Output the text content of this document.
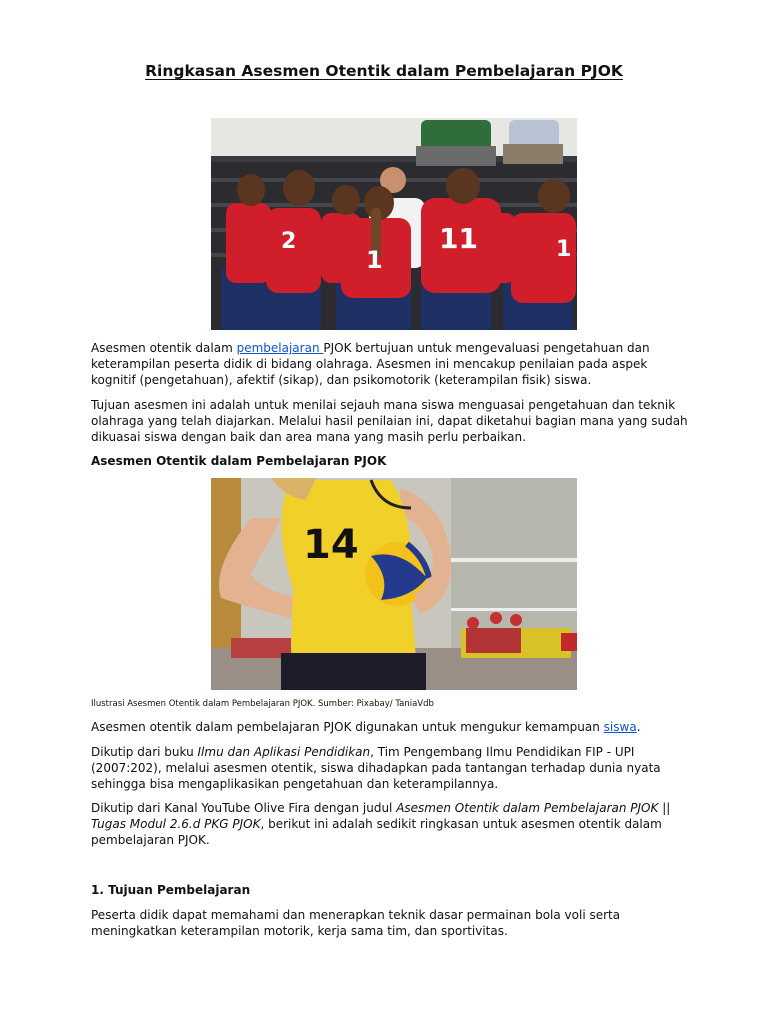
Ringkasan Asesmen Otentik dalam Pembelajaran PJOK
2
1
11	1

Asesmen otentik dalam pembelajaran PJOK bertujuan untuk mengevaluasi pengetahuan dan keterampilan peserta didik di bidang olahraga. Asesmen ini mencakup penilaian pada aspek kognitif (pengetahuan), afektif (sikap), dan psikomotorik (keterampilan fisik) siswa.

Tujuan asesmen ini adalah untuk menilai sejauh mana siswa menguasai pengetahuan dan teknik olahraga yang telah diajarkan. Melalui hasil penilaian ini, dapat diketahui bagian mana yang sudah dikuasai siswa dengan baik dan area mana yang masih perlu perbaikan.

Asesmen Otentik dalam Pembelajaran PJOK

14
Ilustrasi Asesmen Otentik dalam Pembelajaran PJOK. Sumber: Pixabay/ TaniaVdb

Asesmen otentik dalam pembelajaran PJOK digunakan untuk mengukur kemampuan siswa.

Dikutip dari buku Ilmu dan Aplikasi Pendidikan, Tim Pengembang Ilmu Pendidikan FIP - UPI (2007:202), melalui asesmen otentik, siswa dihadapkan pada tantangan terhadap dunia nyata sehingga bisa mengaplikasikan pengetahuan dan keterampilannya.

Dikutip dari Kanal YouTube Olive Fira dengan judul Asesmen Otentik dalam Pembelajaran PJOK || Tugas Modul 2.6.d PKG PJOK, berikut ini adalah sedikit ringkasan untuk asesmen otentik dalam pembelajaran PJOK.

1. Tujuan Pembelajaran

Peserta didik dapat memahami dan menerapkan teknik dasar permainan bola voli serta meningkatkan keterampilan motorik, kerja sama tim, dan sportivitas.
